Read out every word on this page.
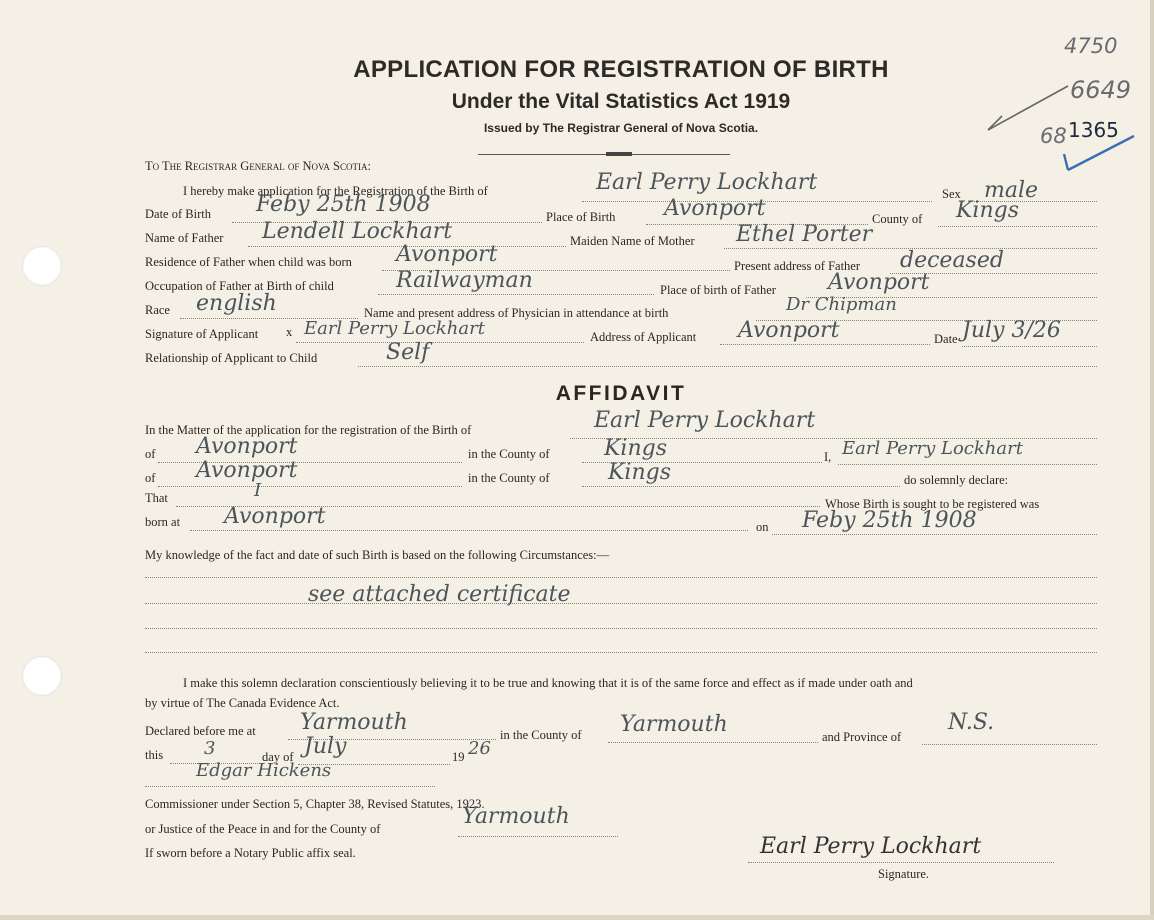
APPLICATION FOR REGISTRATION OF BIRTH
Under the Vital Statistics Act 1919
Issued by The Registrar General of Nova Scotia.
4750
6649
68 1365
To The Registrar General of Nova Scotia:
I hereby make application for the Registration of the Birth of	Earl Perry Lockhart	Sex male
Date of Birth Feby 25th 1908	Place of Birth Avonport	County of Kings
Name of Father Lendell Lockhart	Maiden Name of Mother Ethel Porter
Residence of Father when child was born Avonport	Present address of Father deceased
Occupation of Father at Birth of child	Railwayman	Place of birth of Father Avonport
Race english	Name and present address of Physician in attendance at birth	Dr Chipman
Signature of Applicant x Earl Perry Lockhart	Address of Applicant Avonport	Date July 3/26
Relationship of Applicant to Child	Self
AFFIDAVIT
In the Matter of the application for the registration of the Birth of	Earl Perry Lockhart
of Avonport	in the County of Kings	I, Earl Perry Lockhart
of Avonport	in the County of	Kings	do solemnly declare:
That	I
Whose Birth is sought to be registered was
born at Avonport	on Feby 25th 1908
My knowledge of the fact and date of such Birth is based on the following Circumstances:—
see attached certificate
I make this solemn declaration conscientiously believing it to be true and knowing that it is of the same force and effect as if made under oath and
by virtue of The Canada Evidence Act.
Declared before me at Yarmouth	in the County of Yarmouth	and Province of
N.S.
this 3	day of July	19 26
Edgar Hickens
Commissioner under Section 5, Chapter 38, Revised Statutes, 1923.
or Justice of the Peace in and for the County of	Yarmouth
If sworn before a Notary Public affix seal.	Earl Perry Lockhart
Signature.
